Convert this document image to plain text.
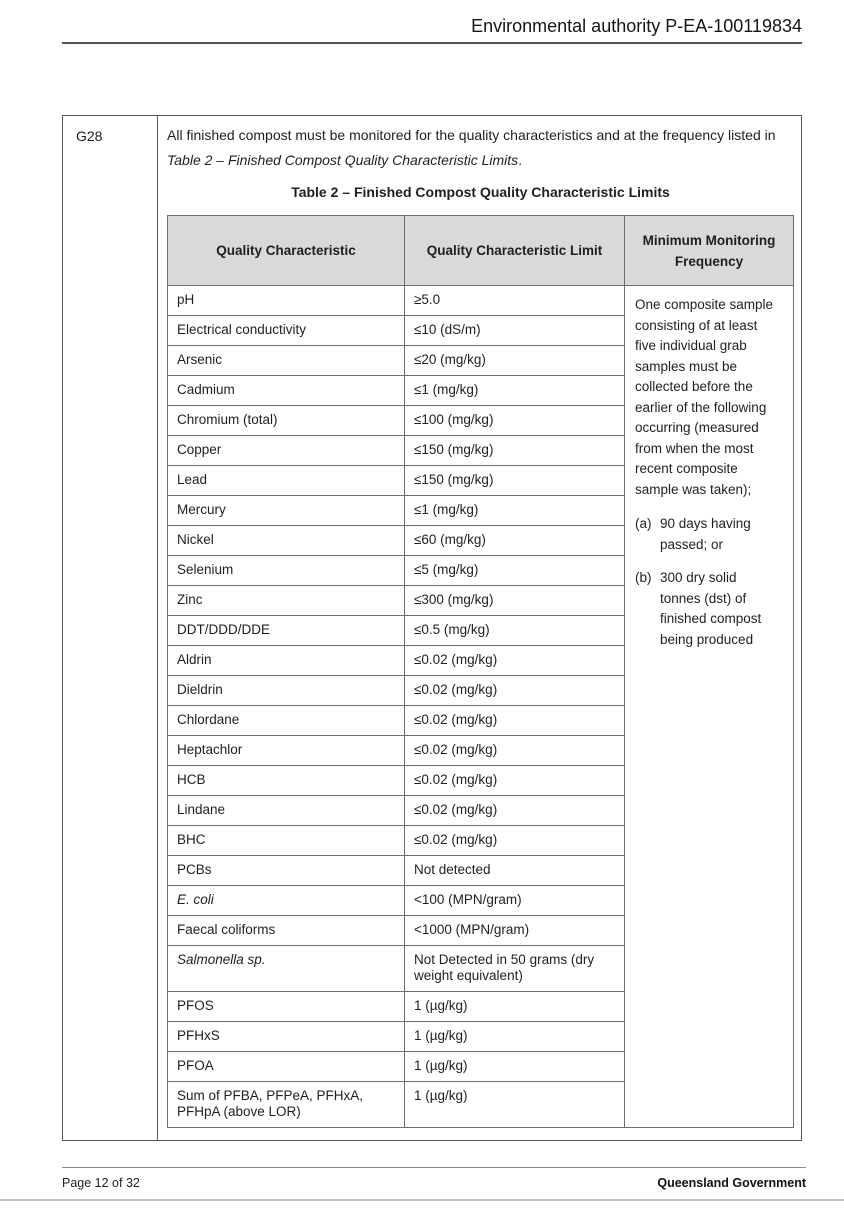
Environmental authority P-EA-100119834
G28	All finished compost must be monitored for the quality characteristics and at the frequency listed in Table 2 – Finished Compost Quality Characteristic Limits.

Table 2 – Finished Compost Quality Characteristic Limits

Quality Characteristic	Quality Characteristic Limit	Minimum Monitoring Frequency
pH	≥5.0	One composite sample consisting of at least five individual grab samples must be collected before the earlier of the following occurring (measured from when the most recent composite sample was taken);

(a) 90 days having passed; or
(b) 300 dry solid tonnes (dst) of finished compost being produced

Electrical conductivity	≤10 (dS/m)	
Arsenic	≤20 (mg/kg)	
Cadmium	≤1 (mg/kg)	
Chromium (total)	≤100 (mg/kg)	
Copper	≤150 (mg/kg)	
Lead	≤150 (mg/kg)	
Mercury	≤1 (mg/kg)	
Nickel	≤60 (mg/kg)	
Selenium	≤5 (mg/kg)	
Zinc	≤300 (mg/kg)	
DDT/DDD/DDE	≤0.5 (mg/kg)	
Aldrin	≤0.02 (mg/kg)	
Dieldrin	≤0.02 (mg/kg)	
Chlordane	≤0.02 (mg/kg)	
Heptachlor	≤0.02 (mg/kg)	
HCB	≤0.02 (mg/kg)	
Lindane	≤0.02 (mg/kg)	
BHC	≤0.02 (mg/kg)	
PCBs	Not detected	
E. coli	<100 (MPN/gram)	
Faecal coliforms	<1000 (MPN/gram)	
Salmonella sp.	Not Detected in 50 grams (dry weight equivalent)	
PFOS	1 (µg/kg)	
PFHxS	1 (µg/kg)	
PFOA	1 (µg/kg)	
Sum of PFBA, PFPeA, PFHxA, PFHpA (above LOR)	1 (µg/kg)	
Page 12 of 32	Queensland Government
